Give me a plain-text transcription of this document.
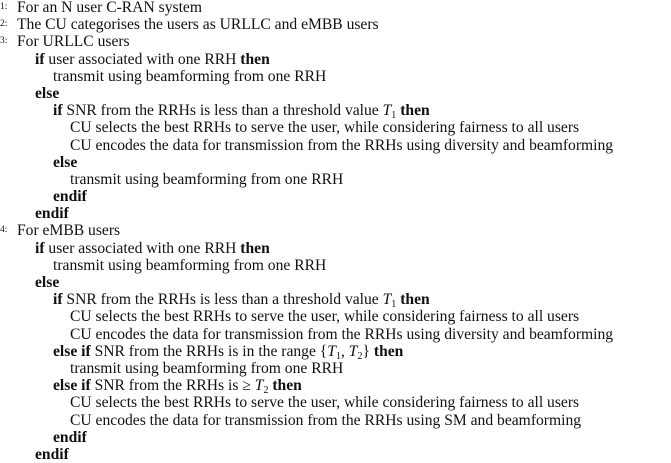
1: For an N user C-RAN system
2: The CU categorises the users as URLLC and eMBB users
3: For URLLC users
if user associated with one RRH then
transmit using beamforming from one RRH
else
if SNR from the RRHs is less than a threshold value $T_1$ then
CU selects the best RRHs to serve the user, while considering fairness to all users
CU encodes the data for transmission from the RRHs using diversity and beamforming
else
transmit using beamforming from one RRH
endif
endif
4: For eMBB users
if user associated with one RRH then
transmit using beamforming from one RRH
else
if SNR from the RRHs is less than a threshold value $T_1$ then
CU selects the best RRHs to serve the user, while considering fairness to all users
CU encodes the data for transmission from the RRHs using diversity and beamforming
else if SNR from the RRHs is in the range {$T_1$, $T_2$} then
transmit using beamforming from one RRH
else if SNR from the RRHs is ≥ $T_2$ then
CU selects the best RRHs to serve the user, while considering fairness to all users
CU encodes the data for transmission from the RRHs using SM and beamforming
endif
endif
